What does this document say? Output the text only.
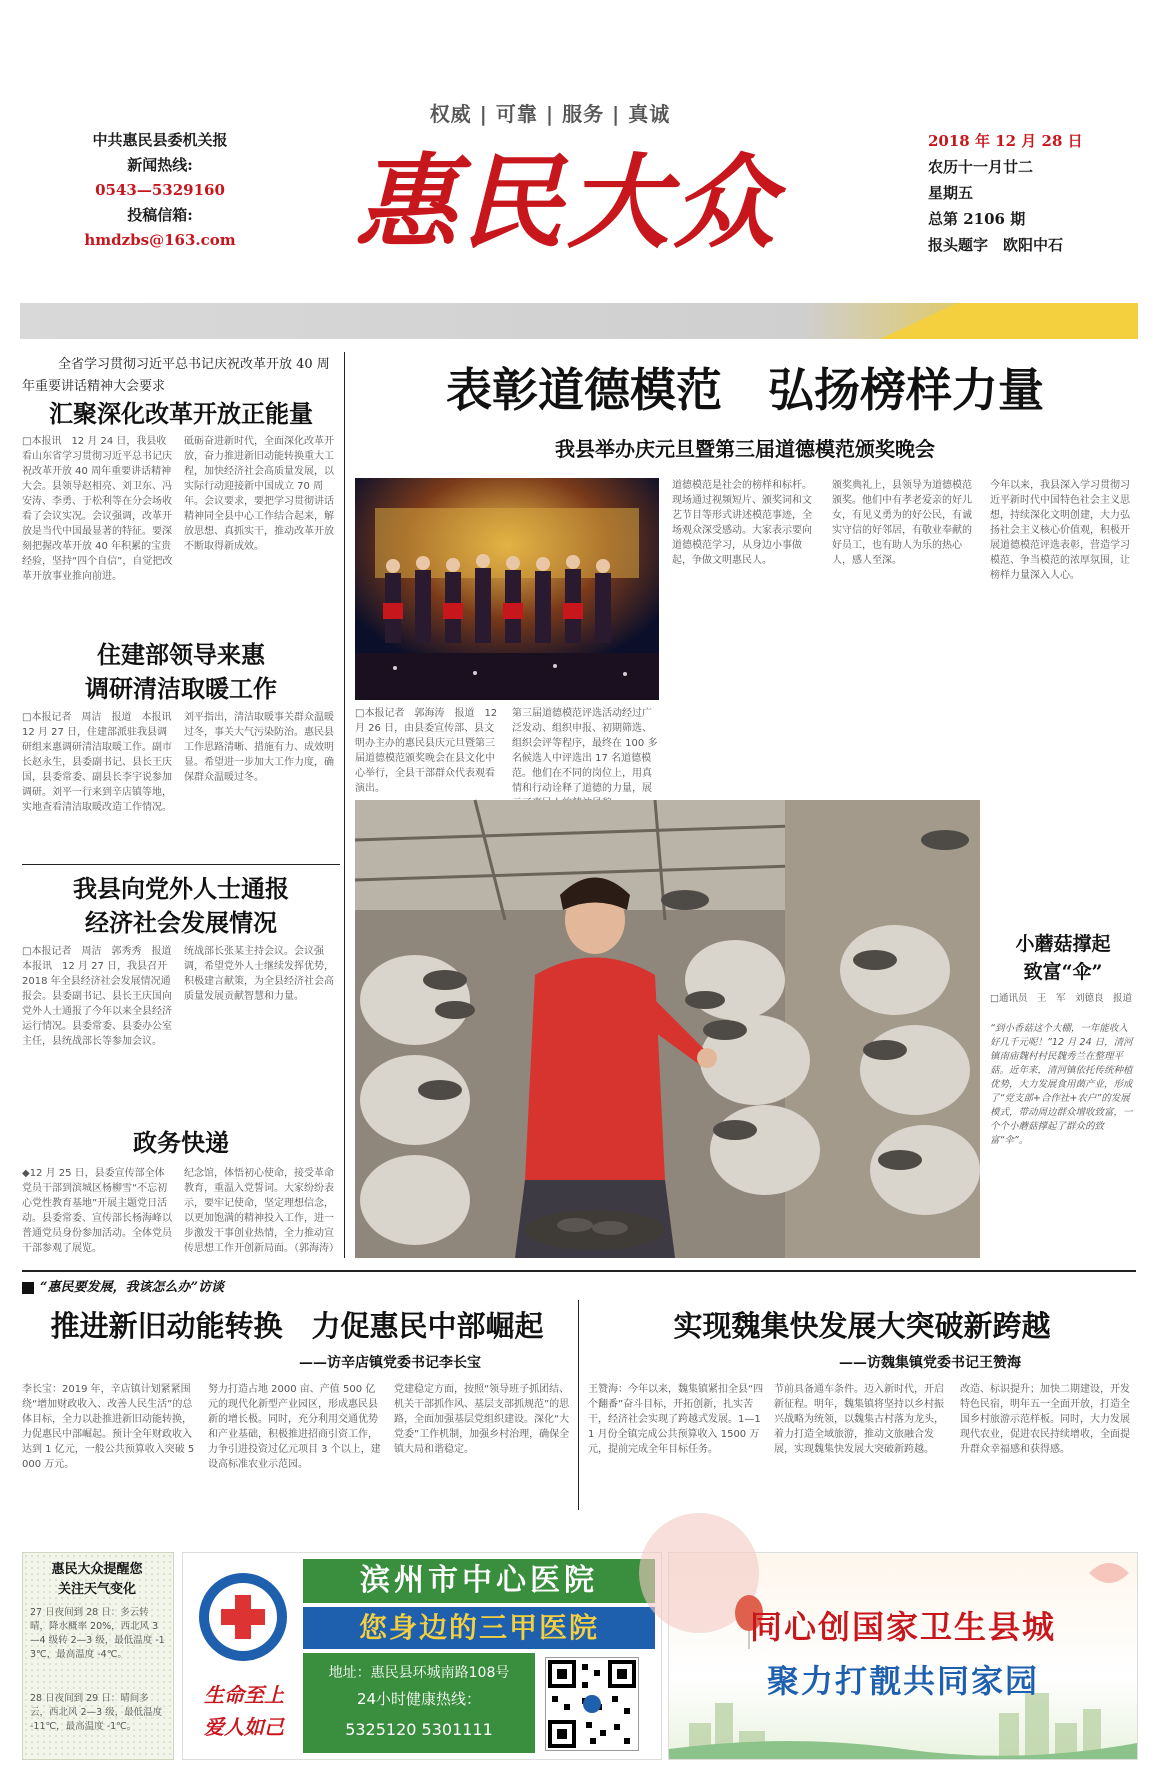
权威 | 可靠 | 服务 | 真诚
中共惠民县委机关报
新闻热线:
0543—5329160
投稿信箱:
hmdzbs@163.com 惠民大众
2018 年 12 月 28 日
农历十一月廿二
星期五
总第 2106 期
报头题字　欧阳中石
全省学习贯彻习近平总书记庆祝改革开放 40 周年重要讲话精神大会要求
汇聚深化改革开放正能量
□本报讯　12 月 24 日，我县收看山东省学习贯彻习近平总书记庆祝改革开放 40 周年重要讲话精神大会。县领导赵相亮、刘卫东、冯安涛、李勇、于松利等在分会场收看了会议实况。会议强调，改革开放是当代中国最显著的特征。要深刻把握改革开放 40 年积累的宝贵经验，坚持“四个自信”，自觉把改革开放事业推向前进。
砥砺奋进新时代，全面深化改革开放，奋力推进新旧动能转换重大工程，加快经济社会高质量发展，以实际行动迎接新中国成立 70 周年。会议要求，要把学习贯彻讲话精神同全县中心工作结合起来，解放思想、真抓实干，推动改革开放不断取得新成效。
住建部领导来惠
调研清洁取暖工作
□本报记者　周洁　报道　本报讯　12 月 27 日，住建部派驻我县调研组来惠调研清洁取暖工作。副市长赵永生，县委副书记、县长王庆国，县委常委、副县长李宇说参加调研。刘平一行来到辛店镇等地，实地查看清洁取暖改造工作情况。
刘平指出，清洁取暖事关群众温暖过冬，事关大气污染防治。惠民县工作思路清晰、措施有力、成效明显。希望进一步加大工作力度，确保群众温暖过冬。
我县向党外人士通报
经济社会发展情况
□本报记者　周洁　郭秀秀　报道　本报讯　12 月 27 日，我县召开 2018 年全县经济社会发展情况通报会。县委副书记、县长王庆国向党外人士通报了今年以来全县经济运行情况。县委常委、县委办公室主任，县统战部长等参加会议。
统战部长张某主持会议。会议强调，希望党外人士继续发挥优势，积极建言献策，为全县经济社会高质量发展贡献智慧和力量。
政务快递
◆12 月 25 日，县委宣传部全体党员干部到滨城区杨柳雪“不忘初心党性教育基地”开展主题党日活动。县委常委、宣传部长杨海峰以普通党员身份参加活动。全体党员干部参观了展览。
纪念馆，体悟初心使命，接受革命教育，重温入党誓词。大家纷纷表示，要牢记使命，坚定理想信念，以更加饱满的精神投入工作，进一步激发干事创业热情，全力推动宣传思想工作开创新局面。（郭海涛）
表彰道德模范　弘扬榜样力量
我县举办庆元旦暨第三届道德模范颁奖晚会
□本报记者　郭海涛　报道　12 月 26 日，由县委宣传部、县文明办主办的惠民县庆元旦暨第三届道德模范颁奖晚会在县文化中心举行，全县干部群众代表观看演出。
第三届道德模范评选活动经过广泛发动、组织申报、初期筛选、组织会评等程序，最终在 100 多名候选人中评选出 17 名道德模范。他们在不同的岗位上，用真情和行动诠释了道德的力量，展
道德模范是社会的榜样和标杆。现场通过视频短片、颁奖词和文艺节目等形式讲述模范事迹，全场观众深受感动。大家表示要向道德模范学习，从身边小事做起，争做文明惠民人。
颁奖典礼上，县领导为道德模范颁奖。他们中有孝老爱亲的好儿女，有见义勇为的好公民，有诚实守信的好邻居，有敬业奉献的好员工，也有助人为乐的热心人，感人至深。
今年以来，我县深入学习贯彻习近平新时代中国特色社会主义思想，持续深化文明创建，大力弘扬社会主义核心价值观，积极开展道德模范评选表彰，营造学习模范、争当模范的浓厚氛围，让榜样力量深入人心。
小蘑菇撑起
致富“伞”
□通讯员　王　军　刘德良　报道
“到小香菇这个大棚，一年能收入好几千元呢！”12 月 24 日，清河镇南庙魏村村民魏秀兰在整理平菇。近年来，清河镇依托传统种植优势，大力发展食用菌产业，形成了“党支部+合作社+农户”的发展模式，带动周边群众增收致富，一个个小蘑菇撑起了群众的致富“伞”。
“惠民要发展，我该怎么办”访谈
推进新旧动能转换　力促惠民中部崛起
——访辛店镇党委书记李长宝
李长宝：2019 年，辛店镇计划紧紧围绕“增加财政收入、改善人民生活”的总体目标，全力以赴推进新旧动能转换，力促惠民中部崛起。预计全年财政收入达到 1 亿元，一般公共预算收入突破 5000 万元。
努力打造占地 2000 亩、产值 500 亿元的现代化新型产业园区，形成惠民县新的增长极。同时，充分利用交通优势和产业基础，积极推进招商引资工作，力争引进投资过亿元项目 3 个以上，建设高标准农业示范园。
党建稳定方面，按照“领导班子抓团结、机关干部抓作风、基层支部抓规范”的思路，全面加强基层党组织建设。深化“大党委”工作机制，加强乡村治理，确保全镇大局和谐稳定。
实现魏集快发展大突破新跨越
——访魏集镇党委书记王赞海
王赞海：今年以来，魏集镇紧扣全县“四个翻番”奋斗目标，开拓创新，扎实苦干，经济社会实现了跨越式发展。1—11 月份全镇完成公共预算收入 1500 万元，提前完成全年目标任务。
节前具备通车条件。迈入新时代，开启新征程。明年，魏集镇将坚持以乡村振兴战略为统领，以魏集古村落为龙头，着力打造全域旅游，推动文旅融合发展，实现魏集快发展大突破新跨越。
改造、标识提升；加快二期建设，开发特色民宿，明年五一全面开放，打造全国乡村旅游示范样板。同时，大力发展现代农业，促进农民持续增收，全面提升群众幸福感和获得感。
惠民大众提醒您
关注天气变化
27 日夜间到 28 日：多云转晴，降水概率 20%，西北风 3—4 级转 2—3 级，最低温度 -13℃，最高温度 -4℃。
28 日夜间到 29 日：晴间多云，西北风 2—3 级，最低温度 -11℃，最高温度 -1℃。
生命至上
爱人如己
滨州市中心医院
您身边的三甲医院
地址：惠民县环城南路108号
24小时健康热线：
5325120 5301111
同心创国家卫生县城
聚力打靓共同家园
